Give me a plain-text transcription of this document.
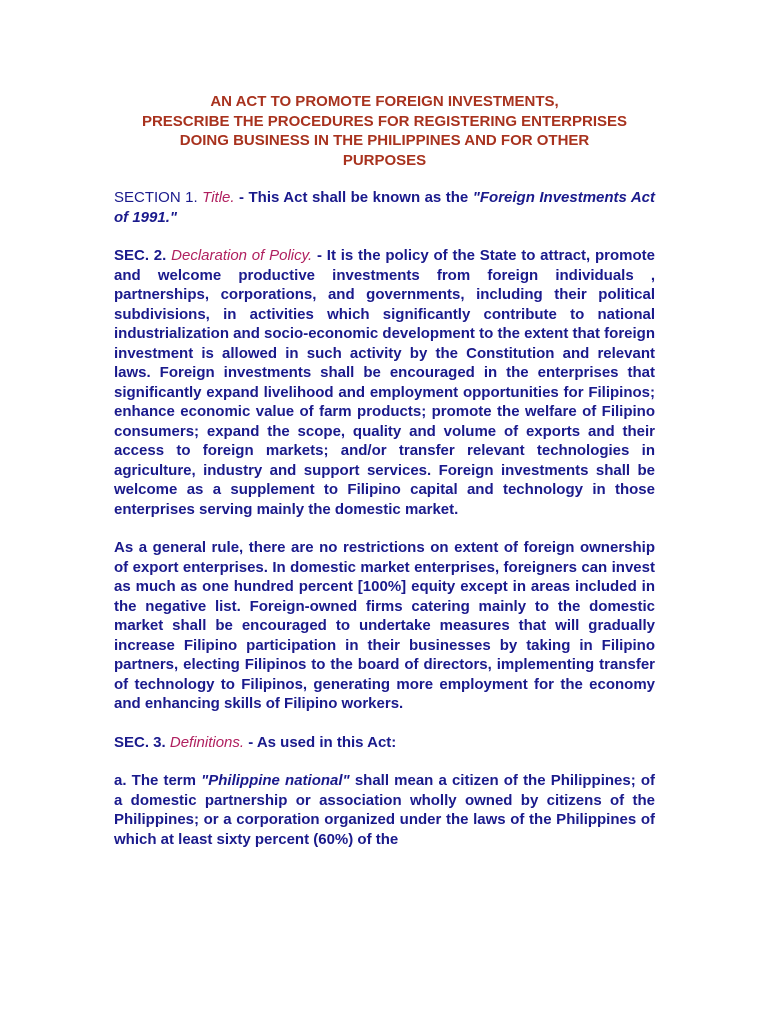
AN ACT TO PROMOTE FOREIGN INVESTMENTS,
PRESCRIBE THE PROCEDURES FOR REGISTERING ENTERPRISES
DOING BUSINESS IN THE PHILIPPINES AND FOR OTHER
PURPOSES

SECTION 1. Title. - This Act shall be known as the "Foreign Investments Act of 1991."

SEC. 2. Declaration of Policy. - It is the policy of the State to attract, promote and welcome productive investments from foreign individuals , partnerships, corporations, and governments, including their political subdivisions, in activities which significantly contribute to national industrialization and socio-economic development to the extent that foreign investment is allowed in such activity by the Constitution and relevant laws. Foreign investments shall be encouraged in the enterprises that significantly expand livelihood and employment opportunities for Filipinos; enhance economic value of farm products; promote the welfare of Filipino consumers; expand the scope, quality and volume of exports and their access to foreign markets; and/or transfer relevant technologies in agriculture, industry and support services. Foreign investments shall be welcome as a supplement to Filipino capital and technology in those enterprises serving mainly the domestic market.

As a general rule, there are no restrictions on extent of foreign ownership of export enterprises. In domestic market enterprises, foreigners can invest as much as one hundred percent [100%] equity except in areas included in the negative list. Foreign-owned firms catering mainly to the domestic market shall be encouraged to undertake measures that will gradually increase Filipino participation in their businesses by taking in Filipino partners, electing Filipinos to the board of directors, implementing transfer of technology to Filipinos, generating more employment for the economy and enhancing skills of Filipino workers.

SEC. 3. Definitions. - As used in this Act:

a. The term "Philippine national" shall mean a citizen of the Philippines; of a domestic partnership or association wholly owned by citizens of the Philippines; or a corporation organized under the laws of the Philippines of which at least sixty percent (60%) of the
